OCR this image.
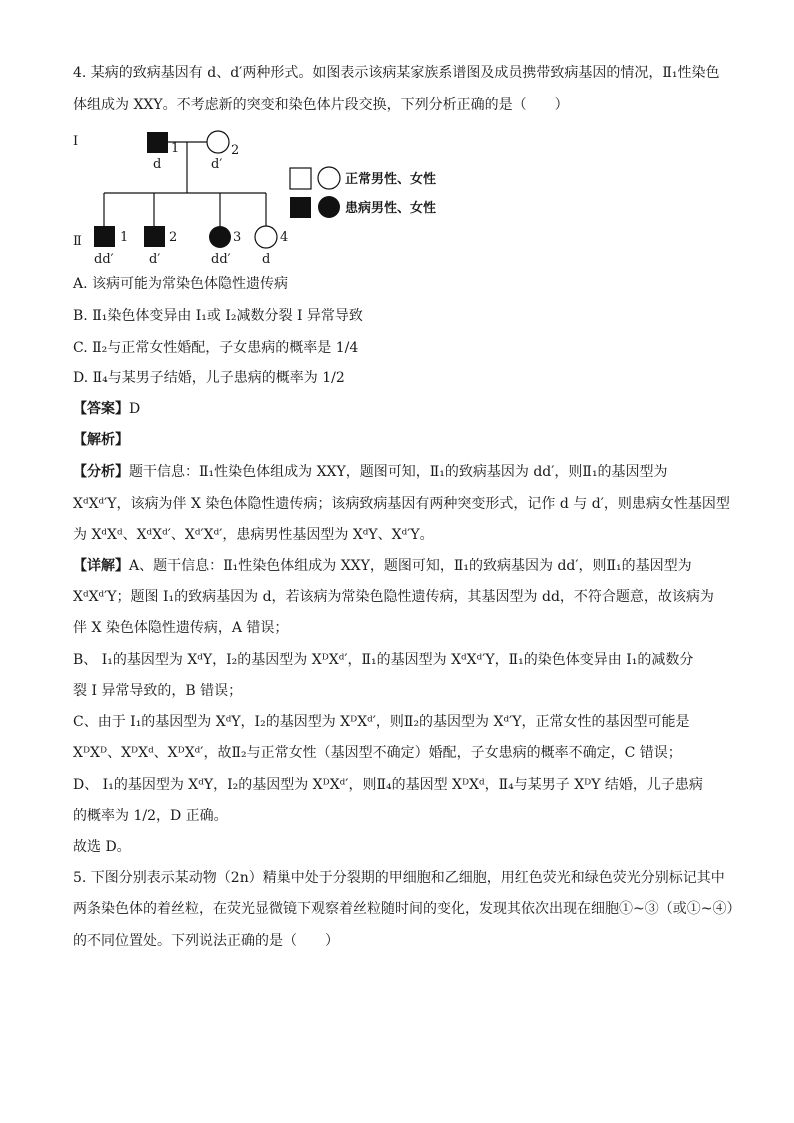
4. 某病的致病基因有 d、d′两种形式。如图表示该病某家族系谱图及成员携带致病基因的情况，Ⅱ₁性染色
体组成为 XXY。不考虑新的突变和染色体片段交换，下列分析正确的是（　　）
I
Ⅱ
1
d
2
d′
1
dd′
2
d′
3
dd′
4
d
正常男性、女性
患病男性、女性
A. 该病可能为常染色体隐性遗传病
B. Ⅱ₁染色体变异由 I₁或 I₂减数分裂 I 异常导致
C. Ⅱ₂与正常女性婚配，子女患病的概率是 1/4
D. Ⅱ₄与某男子结婚，儿子患病的概率为 1/2
【答案】D
【解析】
【分析】题干信息：Ⅱ₁性染色体组成为 XXY，题图可知，Ⅱ₁的致病基因为 dd′，则Ⅱ₁的基因型为
XᵈXᵈ′Y，该病为伴 X 染色体隐性遗传病；该病致病基因有两种突变形式，记作 d 与 d′，则患病女性基因型
为 XᵈXᵈ、XᵈXᵈ′、Xᵈ′Xᵈ′，患病男性基因型为 XᵈY、Xᵈ′Y。
【详解】A、题干信息：Ⅱ₁性染色体组成为 XXY，题图可知，Ⅱ₁的致病基因为 dd′，则Ⅱ₁的基因型为
XᵈXᵈ′Y；题图 I₁的致病基因为 d，若该病为常染色隐性遗传病，其基因型为 dd，不符合题意，故该病为
伴 X 染色体隐性遗传病，A 错误；
B、 I₁的基因型为 XᵈY，I₂的基因型为 XᴰXᵈ′，Ⅱ₁的基因型为 XᵈXᵈ′Y，Ⅱ₁的染色体变异由 I₁的减数分
裂 I 异常导致的，B 错误；
C、由于 I₁的基因型为 XᵈY，I₂的基因型为 XᴰXᵈ′，则Ⅱ₂的基因型为 Xᵈ′Y，正常女性的基因型可能是
XᴰXᴰ、XᴰXᵈ、XᴰXᵈ′，故Ⅱ₂与正常女性（基因型不确定）婚配，子女患病的概率不确定，C 错误；
D、 I₁的基因型为 XᵈY，I₂的基因型为 XᴰXᵈ′，则Ⅱ₄的基因型 XᴰXᵈ，Ⅱ₄与某男子 XᴰY 结婚，儿子患病
的概率为 1/2，D 正确。
故选 D。
5. 下图分别表示某动物（2n）精巢中处于分裂期的甲细胞和乙细胞，用红色荧光和绿色荧光分别标记其中
两条染色体的着丝粒，在荧光显微镜下观察着丝粒随时间的变化，发现其依次出现在细胞①~③（或①~④）
的不同位置处。下列说法正确的是（　　）
